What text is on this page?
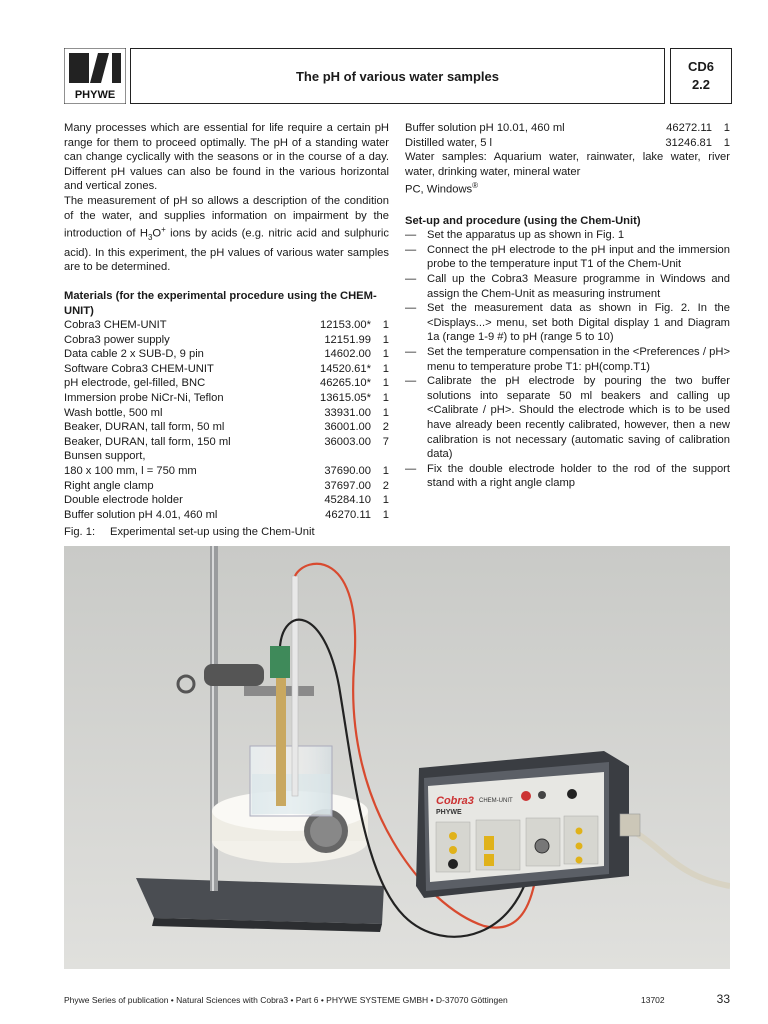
PHYWE
The pH of various water samples
CD6
2.2

Many processes which are essential for life require a certain pH range for them to proceed optimally. The pH of a standing water can change cyclically with the seasons or in the course of a day. Different pH values can also be found in the various horizontal and vertical zones.

The measurement of pH so allows a description of the condition of the water, and supplies information on impairment by the introduction of $H_3O^+$ ions by acids (e.g. nitric acid and sulphuric acid). In this experiment, the pH values of various water samples are to be determined.

Materials (for the experimental procedure using the CHEM-UNIT)

Cobra3 CHEM-UNIT	12153.00*	1
Cobra3 power supply	12151.99	1
Data cable 2 x SUB-D, 9 pin	14602.00	1
Software Cobra3 CHEM-UNIT	14520.61*	1
pH electrode, gel-filled, BNC	46265.10*	1
Immersion probe NiCr-Ni, Teflon	13615.05*	1
Wash bottle, 500 ml	33931.00	1
Beaker, DURAN, tall form, 50 ml	36001.00	2
Beaker, DURAN, tall form, 150 ml	36003.00	7
Bunsen support,
180 x 100 mm, l = 750 mm	37690.00	1
Right angle clamp	37697.00	2
Double electrode holder	45284.10	1
Buffer solution pH 4.01, 460 ml	46270.11	1
Buffer solution pH 10.01, 460 ml	46272.11	1
Distilled water, 5 l	31246.81	1

Water samples: Aquarium water, rainwater, lake water, river water, drinking water, mineral water

PC, Windows®

Set-up and procedure (using the Chem-Unit)

— Set the apparatus up as shown in Fig. 1
— Connect the pH electrode to the pH input and the immersion probe to the temperature input T1 of the Chem-Unit
— Call up the Cobra3 Measure programme in Windows and assign the Chem-Unit as measuring instrument
— Set the measurement data as shown in Fig. 2. In the <Displays...> menu, set both Digital display 1 and Diagram 1a (range 1-9 #) to pH (range 5 to 10)
— Set the temperature compensation in the <Preferences / pH> menu to temperature probe T1: pH(comp.T1)
— Calibrate the pH electrode by pouring the two buffer solutions into separate 50 ml beakers and calling up <Calibrate / pH>. Should the electrode which is to be used have already been recently calibrated, however, then a new calibration is not necessary (automatic saving of calibration data)
— Fix the double electrode holder to the rod of the support stand with a right angle clamp
Fig. 1: Experimental set-up using the Chem-Unit
Cobra3 CHEM-UNIT
PHYWE
Phywe Series of publication • Natural Sciences with Cobra3 • Part 6 • PHYWE SYSTEME GMBH • D-37070 Göttingen	13702	33
